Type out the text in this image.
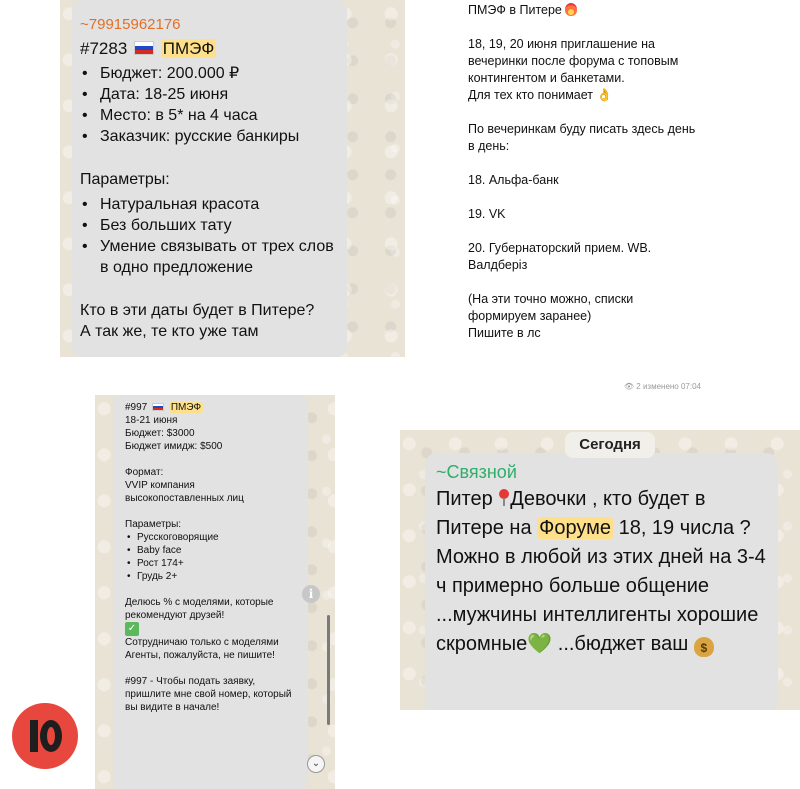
~79915962176
#7283 ПМЭФ
• Бюджет: 200.000 ₽
• Дата: 18-25 июня
• Место: в 5* на 4 часа
• Заказчик: русские банкиры
Параметры:
• Натуральная красота
• Без больших тату
• Умение связывать от трех слов в одно предложение
Кто в эти даты будет в Питере?
А так же, те кто уже там

ПМЭФ в Питере

18, 19, 20 июня приглашение на вечеринки после форума с топовым контингентом и банкетами.
Для тех кто понимает 👌

По вечеринкам буду писать здесь день в день:

18. Альфа-банк

19. VK

20. Губернаторский прием. WB. Валдберіз

(На эти точно можно, списки формируем заранее)
Пишите в лс

👁 2 изменено 07:04
#997 ПМЭФ
18-21 июня
Бюджет: $3000
Бюджет имидж: $500
Формат:
VVIP компания
высокопоставленных лиц
Параметры:
• Русскоговорящие
• Baby face
• Рост 174+
• Грудь 2+
Делюсь % с моделями, которые рекомендуют друзей!
✓
Сотрудничаю только с моделями
Агенты, пожалуйста, не пишите!
#997 - Чтобы подать заявку, пришлите мне свой номер, который вы видите в начале!
i
⌄
~Связной
Питер Девочки , кто будет в Питере на Форуме 18, 19 числа ? Можно в любой из этих дней на 3-4 ч примерно больше общение ...мужчины интеллигенты хорошие скромные💚 ...бюджет ваш $
Сегодня
